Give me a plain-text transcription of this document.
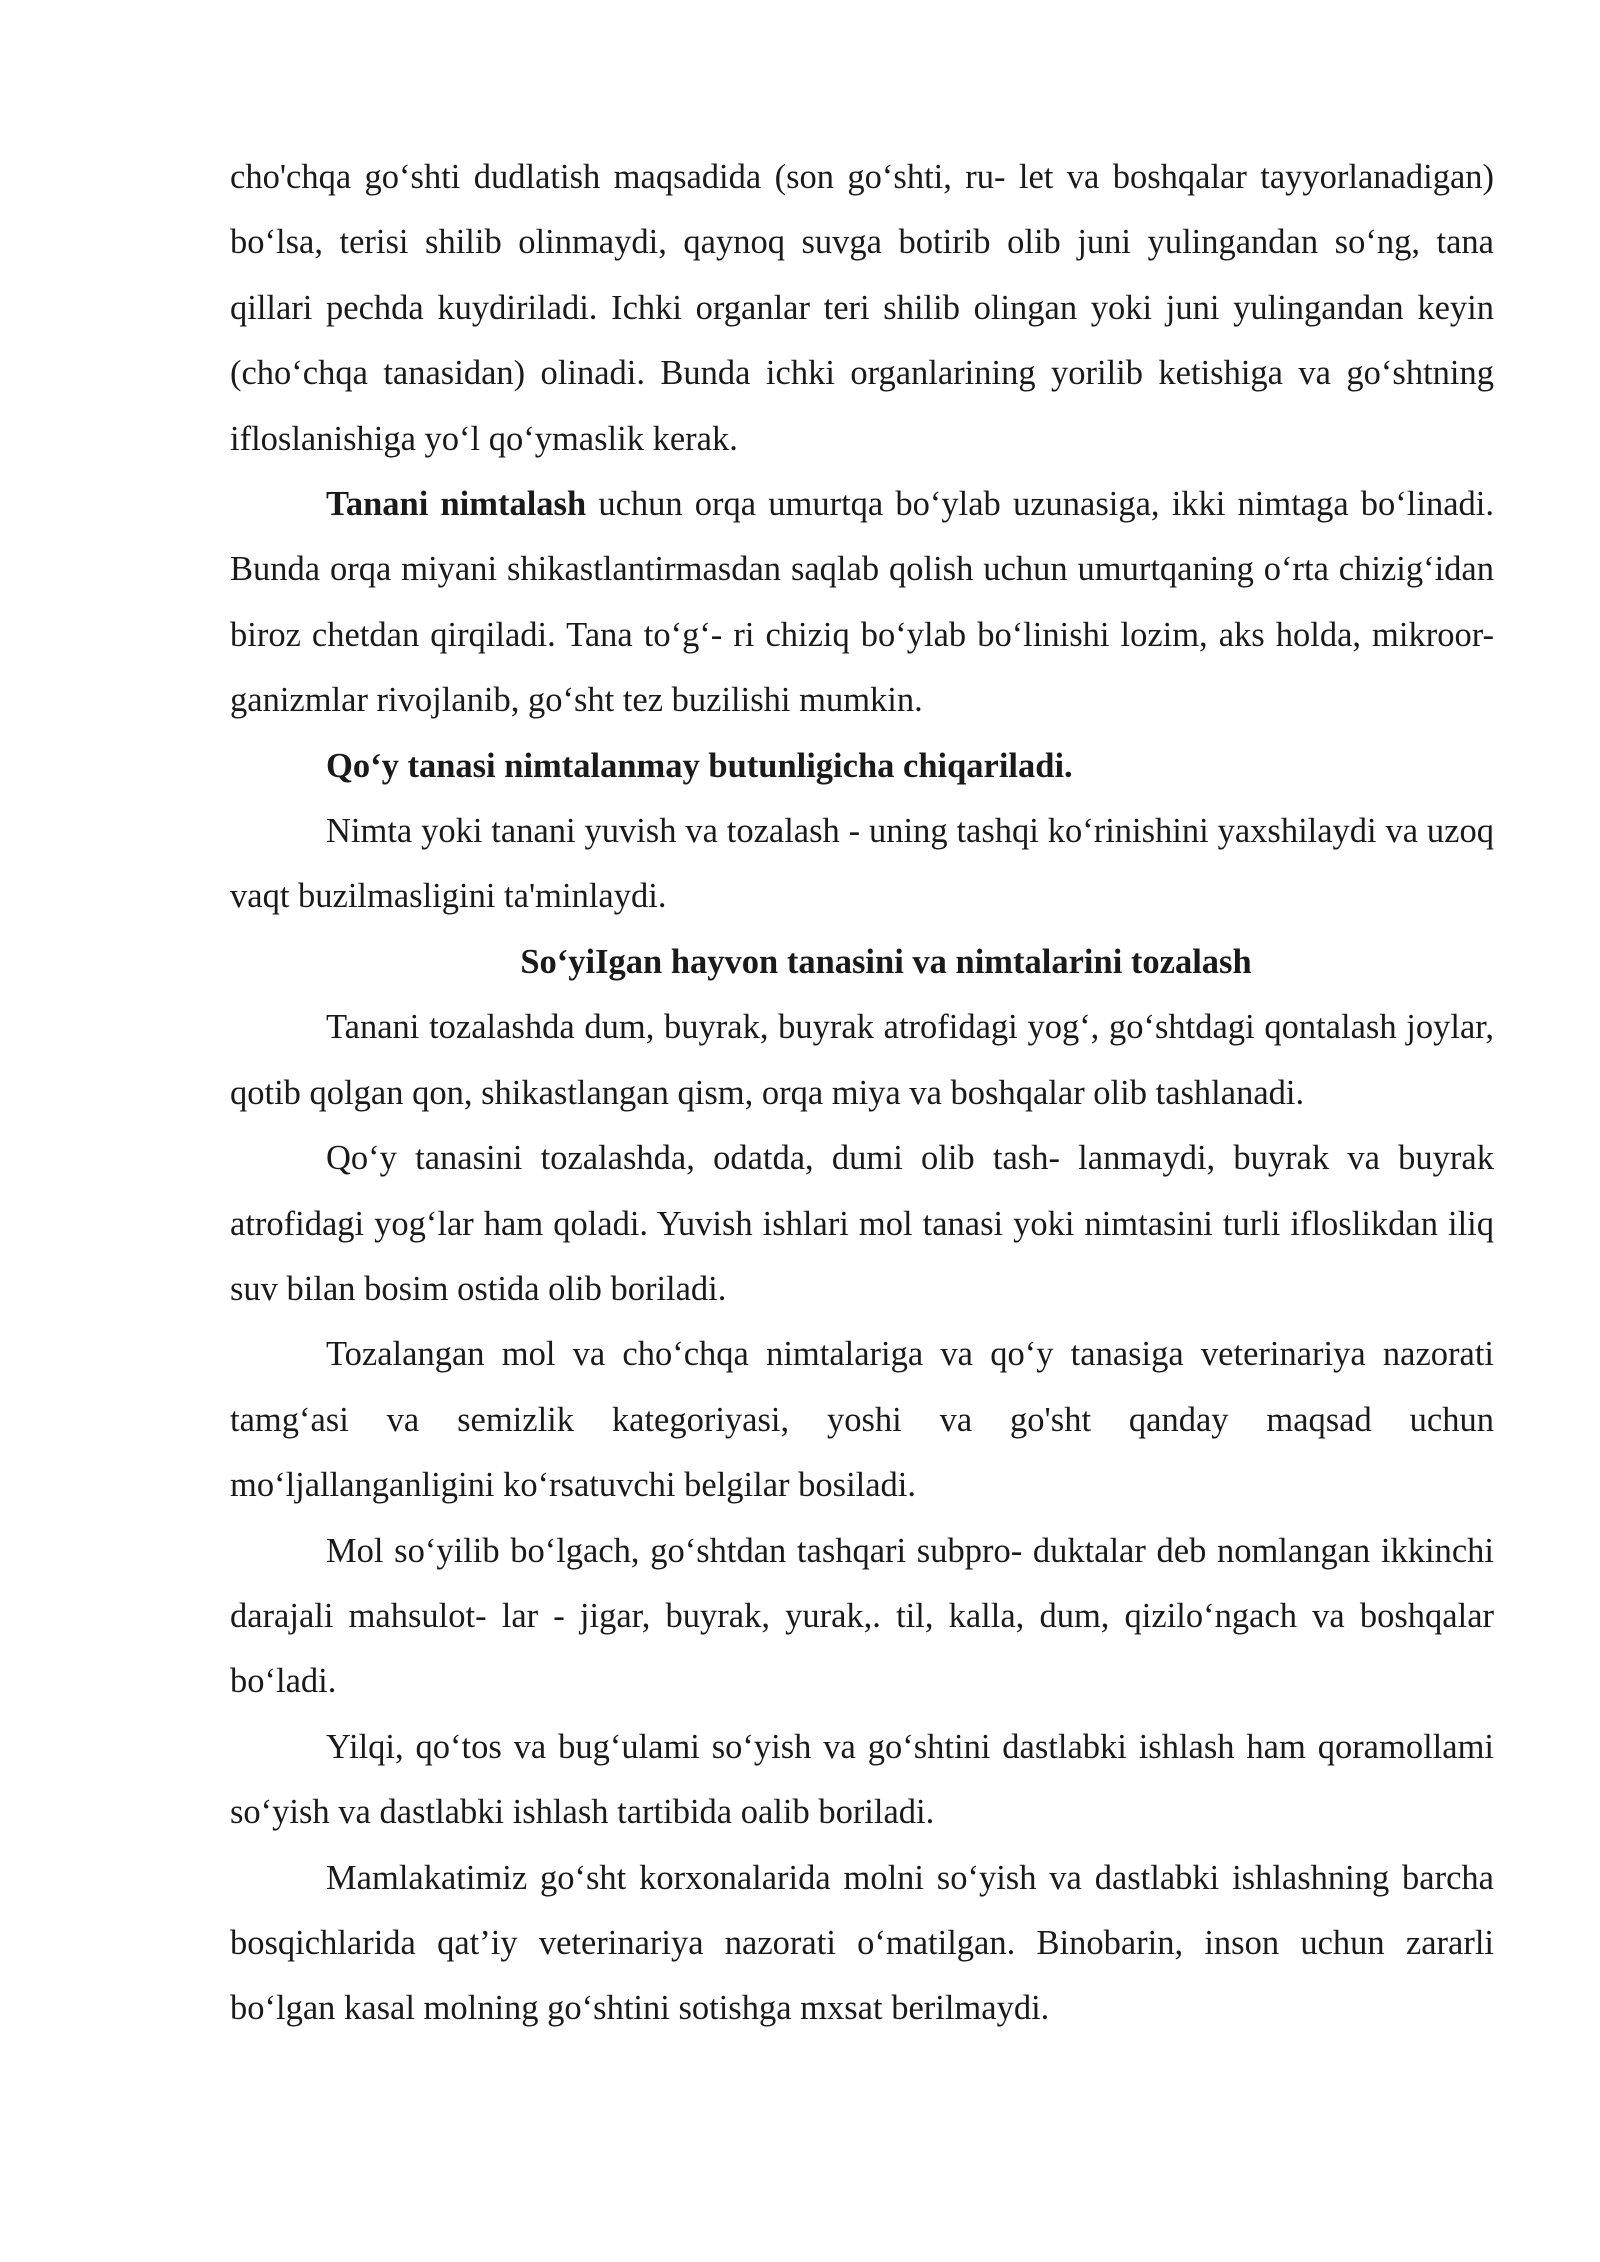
cho'chqa go‘shti dudlatish maqsadida (son go‘shti, ru- let va boshqalar tayyorlanadigan) bo‘lsa, terisi shilib olinmaydi, qaynoq suvga botirib olib juni yulingandan so‘ng, tana qillari pechda kuydiriladi. Ichki organlar teri shilib olingan yoki juni yulingandan keyin (cho‘chqa tanasidan) olinadi. Bunda ichki organlarining yorilib ketishiga va go‘shtning ifloslanishiga yo‘l qo‘ymaslik kerak.

Tanani nimtalash uchun orqa umurtqa bo‘ylab uzunasiga, ikki nimtaga bo‘linadi. Bunda orqa miyani shikastlantirmasdan saqlab qolish uchun umurtqaning o‘rta chizig‘idan biroz chetdan qirqiladi. Tana to‘g‘- ri chiziq bo‘ylab bo‘linishi lozim, aks holda, mikroor- ganizmlar rivojlanib, go‘sht tez buzilishi mumkin.

Qo‘y tanasi nimtalanmay butunligicha chiqariladi.

Nimta yoki tanani yuvish va tozalash - uning tashqi ko‘rinishini yaxshilaydi va uzoq vaqt buzilmasligini ta'minlaydi.

So‘yiIgan hayvon tanasini va nimtalarini tozalash

Tanani tozalashda dum, buyrak, buyrak atrofidagi yog‘, go‘shtdagi qontalash joylar, qotib qolgan qon, shikastlangan qism, orqa miya va boshqalar olib tashlanadi.

Qo‘y tanasini tozalashda, odatda, dumi olib tash- lanmaydi, buyrak va buyrak atrofidagi yog‘lar ham qoladi. Yuvish ishlari mol tanasi yoki nimtasini turli ifloslikdan iliq suv bilan bosim ostida olib boriladi.

Tozalangan mol va cho‘chqa nimtalariga va qo‘y tanasiga veterinariya nazorati tamg‘asi va semizlik kategoriyasi, yoshi va go'sht qanday maqsad uchun mo‘ljallanganligini ko‘rsatuvchi belgilar bosiladi.

Mol so‘yilib bo‘lgach, go‘shtdan tashqari subpro- duktalar deb nomlangan ikkinchi darajali mahsulot- lar - jigar, buyrak, yurak,. til, kalla, dum, qizilo‘ngach va boshqalar bo‘ladi.

Yilqi, qo‘tos va bug‘ulami so‘yish va go‘shtini dastlabki ishlash ham qoramollami so‘yish va dastlabki ishlash tartibida oalib boriladi.

Mamlakatimiz go‘sht korxonalarida molni so‘yish va dastlabki ishlashning barcha bosqichlarida qat’iy veterinariya nazorati o‘matilgan. Binobarin, inson uchun zararli bo‘lgan kasal molning go‘shtini sotishga mxsat berilmaydi.
